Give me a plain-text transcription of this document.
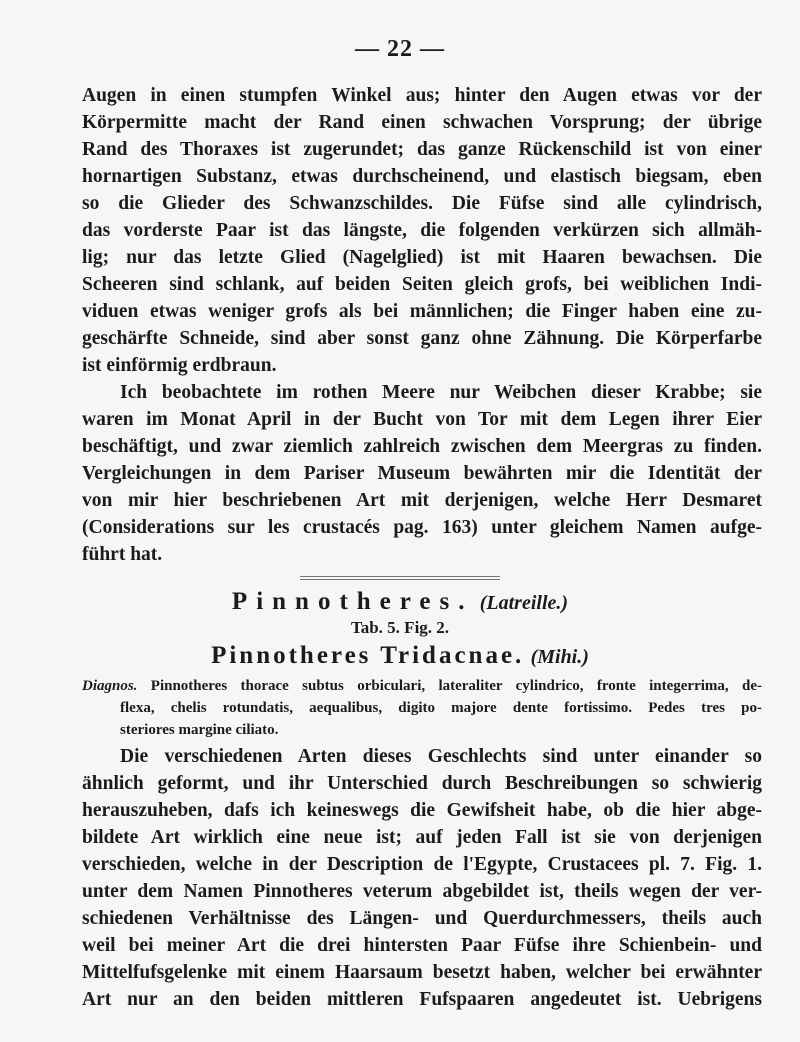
— 22 —
Augen in einen stumpfen Winkel aus; hinter den Augen etwas vor der
Körpermitte macht der Rand einen schwachen Vorsprung; der übrige
Rand des Thoraxes ist zugerundet; das ganze Rückenschild ist von einer
hornartigen Substanz, etwas durchscheinend, und elastisch biegsam, eben
so die Glieder des Schwanzschildes. Die Füfse sind alle cylindrisch,
das vorderste Paar ist das längste, die folgenden verkürzen sich allmäh-
lig; nur das letzte Glied (Nagelglied) ist mit Haaren bewachsen. Die
Scheeren sind schlank, auf beiden Seiten gleich grofs, bei weiblichen Indi-
viduen etwas weniger grofs als bei männlichen; die Finger haben eine zu-
geschärfte Schneide, sind aber sonst ganz ohne Zähnung. Die Körperfarbe
ist einförmig erdbraun.
Ich beobachtete im rothen Meere nur Weibchen dieser Krabbe; sie
waren im Monat April in der Bucht von Tor mit dem Legen ihrer Eier
beschäftigt, und zwar ziemlich zahlreich zwischen dem Meergras zu finden.
Vergleichungen in dem Pariser Museum bewährten mir die Identität der
von mir hier beschriebenen Art mit derjenigen, welche Herr Desmaret
(Considerations sur les crustacés pag. 163) unter gleichem Namen aufge-
führt hat.
Pinnotheres. (Latreille.)
Tab. 5. Fig. 2.
Pinnotheres Tridacnae. (Mihi.)
Diagnos. Pinnotheres thorace subtus orbiculari, lateraliter cylindrico, fronte integerrima, de-
flexa, chelis rotundatis, aequalibus, digito majore dente fortissimo. Pedes tres po-
steriores margine ciliato.
Die verschiedenen Arten dieses Geschlechts sind unter einander so
ähnlich geformt, und ihr Unterschied durch Beschreibungen so schwierig
herauszuheben, dafs ich keineswegs die Gewifsheit habe, ob die hier abge-
bildete Art wirklich eine neue ist; auf jeden Fall ist sie von derjenigen
verschieden, welche in der Description de l'Egypte, Crustacees pl. 7. Fig. 1.
unter dem Namen Pinnotheres veterum abgebildet ist, theils wegen der ver-
schiedenen Verhältnisse des Längen- und Querdurchmessers, theils auch
weil bei meiner Art die drei hintersten Paar Füfse ihre Schienbein- und
Mittelfufsgelenke mit einem Haarsaum besetzt haben, welcher bei erwähnter
Art nur an den beiden mittleren Fufspaaren angedeutet ist. Uebrigens
